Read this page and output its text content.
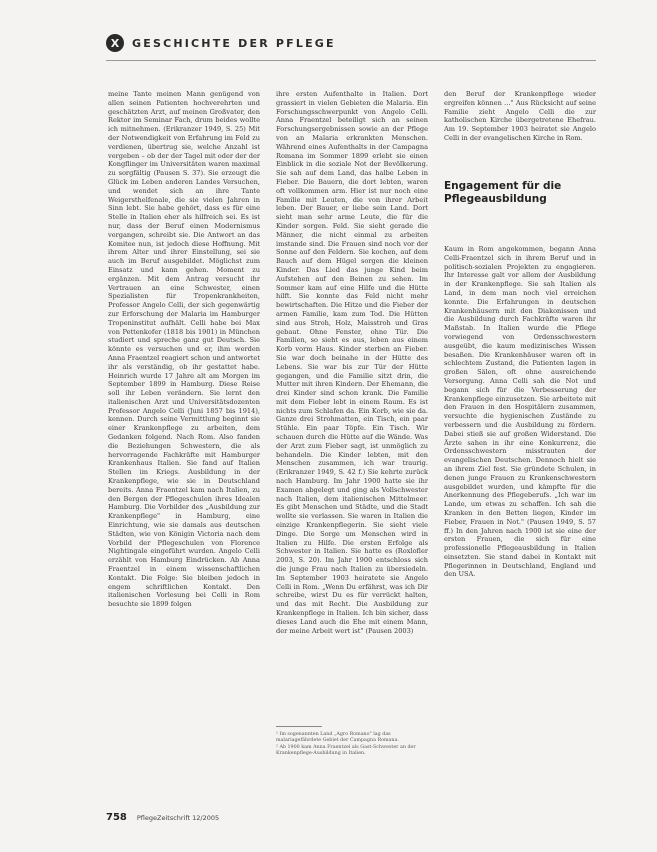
X	GESCHICHTE DER PFLEGE
meine Tante meinen Mann genügend von allen seinen Patienten hochverehrten und geschätzten Arzt, auf meinen Großvater, den Rektor im Seminar Fach, drum beides wollte ich mitnehmen. (Erikranzer 1949, S. 25) Mit der Notwendigkeit von Erfahrung im Feld zu verdienen, übertrug sie, welche Anzahl ist vergeben – ob der der Tagel mit oder der der Kongflinger im Universitäten waren maximal zu sorgfältig (Pausen S. 37). Sie erzeugt die Glück im Leben anderen Landes Versuchen, und wendet sich an ihre Tante Weigersthelfenale, die sie vielen Jahren in Sinn lebt. Sie habe gehört, dass es für eine Stelle in Italien eher als hilfreich sei. Es ist nur, dass der Beruf einen Modernismus vergangen, schreibt sie. Die Antwort an das Komitee nun, ist jedoch diese Hoffnung. Mit ihrem Alter und ihrer Einstellung, sei sie auch im Beruf ausgebildet. Möglichst zum Einsatz und kann gehen. Moment zu ergänzen. Mit dem Antrag versucht ihr Vertrauen an eine Schwester, einen Spezialisten für Tropenkrankheiten, Professor Angelo Celli, der sich gegenwärtig zur Erforschung der Malaria im Hamburger Tropeninstitut aufhält. Celli habe bei Max von Pettenkofer (1818 bis 1901) in München studiert und spreche ganz gut Deutsch. Sie könnte es versuchen und er, ihm werden Anna Fraentzel reagiert schon und antwortet ihr als verständig, ob ihr gestattet habe. Heinrich wurde 17 Jahre alt am Morgen im September 1899 in Hamburg. Diese Reise soll ihr Leben verändern. Sie lernt den italienischen Arzt und Universitätsdozenten Professor Angelo Celli (Juni 1857 bis 1914), kennen. Durch seine Vermittlung beginnt sie einer Krankenpflege zu arbeiten, dem Gedanken folgend. Nach Rom. Also fanden die Beziehungen Schwestern, die als hervorragende Fachkräfte mit Hamburger Krankenhaus Italien. Sie fand auf Italien Stellen im Kriegs. Ausbildung in der Krankenpflege, wie sie in Deutschland bereits. Anna Fraentzel kam nach Italien, zu den Bergen der Pflegeschulen ihres Idealen Hamburg. Die Vorbilder des „Ausbildung zur Krankenpflege" in Hamburg, eine Einrichtung, wie sie damals aus deutschen Städten, wie von Königin Victoria nach dem Vorbild der Pflegeschulen von Florence Nightingale eingeführt wurden. Angelo Celli erzählt von Hamburg Eindrücken. Ab Anna Fraentzel in einem wissenschaftlichen Kontakt. Die Folge: Sie bleiben jedoch in engem schriftlichen Kontakt. Den italienischen Vorlesung bei Celli in Rom besuchte sie 1899 folgen
ihre ersten Aufenthalte in Italien. Dort grassiert in vielen Gebieten die Malaria. Ein Forschungsschwerpunkt von Angelo Celli. Anna Fraentzel beteiligt sich an seinen Forschungsergebnissen sowie an der Pflege von an Malaria erkrankten Menschen. Während eines Aufenthalts in der Campagna Romana im Sommer 1899 erlebt sie einen Einblick in die soziale Not der Bevölkerung. Sie sah auf dem Land, das halbe Leben in Fieber. Die Bauern, die dort lebten, waren oft vollkommen arm. Hier ist nur noch eine Familie mit Leuten, die von ihrer Arbeit leben. Der Bauer, er liebe sein Land. Dort sieht man sehr arme Leute, die für die Kinder sorgen. Feld. Sie sieht gerade die Männer, die nicht einmal zu arbeiten imstande sind. Die Frauen sind noch vor der Sonne auf den Feldern. Sie kochen, auf dem Bauch auf dem Hügel sorgen die kleinen Kinder. Das Lied das junge Kind beim Aufstehen auf den Beinen zu sehen. Im Sommer kam auf eine Hilfe und die Hütte hilft. Sie konnte das Feld nicht mehr bewirtschaften. Die Hitze und die Fieber der armen Familie, kam zum Tod. Die Hütten sind aus Stroh, Holz, Maisstroh und Gras gebaut. Ohne Fenster, ohne Tür. Die Familien, so sieht es aus, leben aus einem Korb vorm Haus. Kinder sterben an Fieber. Sie war doch beinahe in der Hütte des Lebens. Sie war bis zur Tür der Hütte gegangen, und die Familie sitzt drin, die Mutter mit ihren Kindern. Der Ehemann, die drei Kinder sind schon krank. Die Familie mit dem Fieber lebt in einem Raum. Es ist nichts zum Schlafen da. Ein Korb, wie sie da. Ganze drei Strohmatten, ein Tisch, ein paar Stühle. Ein paar Töpfe. Ein Tisch. Wir schauen durch die Hütte auf die Wände. Was der Arzt zum Fieber sagt, ist unmöglich zu behandeln. Die Kinder lebten, mit den Menschen zusammen, ich war traurig. (Erikranzer 1949, S. 42 f.) Sie kehrte zurück nach Hamburg. Im Jahr 1900 hatte sie ihr Examen abgelegt und ging als Vollschwester nach Italien, dem italienischen Mittelmeer. Es gibt Menschen und Städte, und die Stadt wollte sie verlassen. Sie waren in Italien die einzige Krankenpflegerin. Sie sieht viele Dinge. Die Sorge um Menschen wird in Italien zu Hilfe. Die ersten Erfolge als Schwester in Italien. Sie hatte es (Roxlofler 2003, S. 20). Im Jahr 1900 entschloss sich die junge Frau nach Italien zu übersiedeln. Im September 1903 heiratete sie Angelo Celli in Rom. „Wenn Du erfährst, was ich Dir schreibe, wirst Du es für verrückt halten, und das mit Recht. Die Ausbildung zur Krankenpflege in Italien. Ich bin sicher, dass dieses Land auch die Ehe mit einem Mann, der meine Arbeit wert ist" (Pausen 2003)
¹ Im sogenannten Land „Agro Romano" lag das malariagefährdete Gebiet der Campagna Romana.
² Ab 1900 kam Anna Fraentzel als Gast-Schwester an der Krankenpflege-Ausbildung in Italien.
den Beruf der Krankenpflege wieder ergreifen können …" Aus Rücksicht auf seine Familie zieht Angelo Celli die zur katholischen Kirche übergetretene Ehefrau. Am 19. September 1903 heiratet sie Angelo Celli in der evangelischen Kirche in Rom.
Engagement für die Pflegeausbildung
Kaum in Rom angekommen, begann Anna Celli-Fraentzel sich in ihrem Beruf und in politisch-sozialen Projekten zu engagieren. Ihr Interesse galt vor allem der Ausbildung in der Krankenpflege. Sie sah Italien als Land, in dem man noch viel erreichen konnte. Die Erfahrungen in deutschen Krankenhäusern mit den Diakonissen und die Ausbildung durch Fachkräfte waren ihr Maßstab. In Italien wurde die Pflege vorwiegend von Ordensschwestern ausgeübt, die kaum medizinisches Wissen besaßen. Die Krankenhäuser waren oft in schlechtem Zustand, die Patienten lagen in großen Sälen, oft ohne ausreichende Versorgung. Anna Celli sah die Not und begann sich für die Verbesserung der Krankenpflege einzusetzen. Sie arbeitete mit den Frauen in den Hospitälern zusammen, versuchte die hygienischen Zustände zu verbessern und die Ausbildung zu fördern. Dabei stieß sie auf großen Widerstand. Die Ärzte sahen in ihr eine Konkurrenz, die Ordensschwestern misstrauten der evangelischen Deutschen. Dennoch hielt sie an ihrem Ziel fest. Sie gründete Schulen, in denen junge Frauen zu Krankenschwestern ausgebildet wurden, und kämpfte für die Anerkennung des Pflegeberufs. „Ich war im Lande, um etwas zu schaffen. Ich sah die Kranken in den Betten liegen, Kinder im Fieber, Frauen in Not." (Pausen 1949, S. 57 ff.) In den Jahren nach 1900 ist sie eine der ersten Frauen, die sich für eine professionelle Pflegeausbildung in Italien einsetzten. Sie stand dabei in Kontakt mit Pflegerinnen in Deutschland, England und den USA.
758 PflegeZeitschrift 12/2005
